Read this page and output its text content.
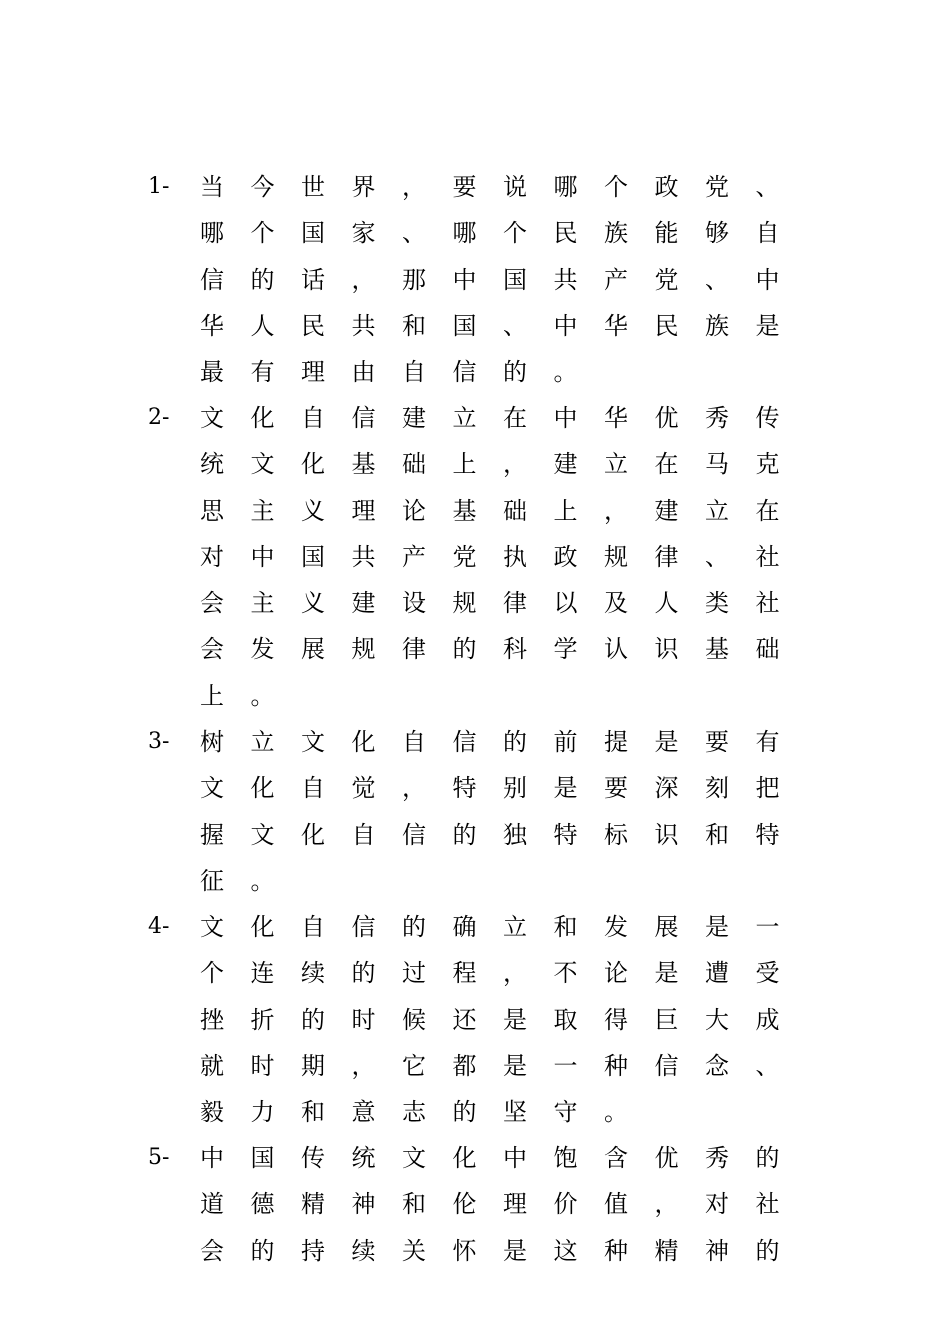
1-	当 今 世 界 ， 要 说 哪 个 政 党 、
哪 个 国 家 、 哪 个 民 族 能 够 自
信 的 话 ， 那 中 国 共 产 党 、 中
华 人 民 共 和 国 、 中 华 民 族 是
最 有 理 由 自 信 的 。
2-	文 化 自 信 建 立 在 中 华 优 秀 传
统 文 化 基 础 上 ， 建 立 在 马 克
思 主 义 理 论 基 础 上 ， 建 立 在
对 中 国 共 产 党 执 政 规 律 、 社
会 主 义 建 设 规 律 以 及 人 类 社
会 发 展 规 律 的 科 学 认 识 基 础
上 。
3-	树 立 文 化 自 信 的 前 提 是 要 有
文 化 自 觉 ， 特 别 是 要 深 刻 把
握 文 化 自 信 的 独 特 标 识 和 特
征 。
4-	文 化 自 信 的 确 立 和 发 展 是 一
个 连 续 的 过 程 ， 不 论 是 遭 受
挫 折 的 时 候 还 是 取 得 巨 大 成
就 时 期 ， 它 都 是 一 种 信 念 、
毅 力 和 意 志 的 坚 守 。
5-	中 国 传 统 文 化 中 饱 含 优 秀 的
道 德 精 神 和 伦 理 价 值 ， 对 社
会 的 持 续 关 怀 是 这 种 精 神 的
